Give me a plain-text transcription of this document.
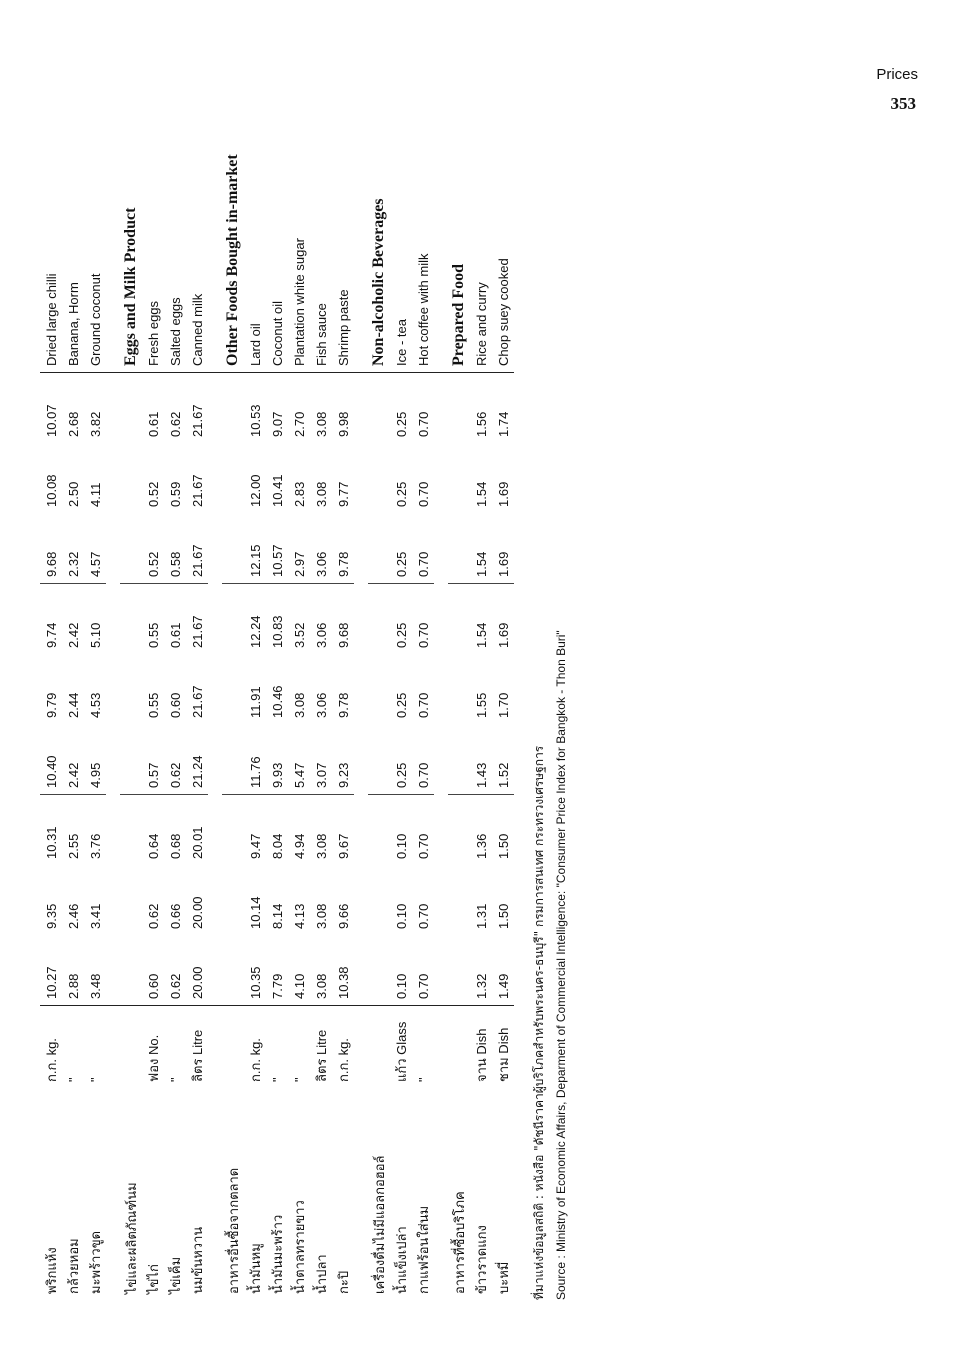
Prices
353
พริกแห้ง	ก.ก. kg.	10.27	9.35	10.31	10.40	9.79	9.74	9.68	10.08	10.07	Dried large chilli
กล้วยหอม	"	2.88	2.46	2.55	2.42	2.44	2.42	2.32	2.50	2.68	Banana, Horm
มะพร้าวขูด	"	3.48	3.41	3.76	4.95	4.53	5.10	4.57	4.11	3.82	Ground coconut

ไข่และผลิตภัณฑ์นม											Eggs and Milk Product
ไข่ไก่	ฟอง No.	0.60	0.62	0.64	0.57	0.55	0.55	0.52	0.52	0.61	Fresh eggs
ไข่เค็ม	"	0.62	0.66	0.68	0.62	0.60	0.61	0.58	0.59	0.62	Salted eggs
นมข้นหวาน	ลิตร Litre	20.00	20.00	20.01	21.24	21.67	21.67	21.67	21.67	21.67	Canned milk

อาหารอื่นซื้อจากตลาด											Other Foods Bought in-market
น้ำมันหมู	ก.ก. kg.	10.35	10.14	9.47	11.76	11.91	12.24	12.15	12.00	10.53	Lard oil
น้ำมันมะพร้าว	"	7.79	8.14	8.04	9.93	10.46	10.83	10.57	10.41	9.07	Coconut oil
น้ำตาลทรายขาว	"	4.10	4.13	4.94	5.47	3.08	3.52	2.97	2.83	2.70	Plantation white sugar
น้ำปลา	ลิตร Litre	3.08	3.08	3.08	3.07	3.06	3.06	3.06	3.08	3.08	Fish sauce
กะปิ	ก.ก. kg.	10.38	9.66	9.67	9.23	9.78	9.68	9.78	9.77	9.98	Shrimp paste

เครื่องดื่มไม่มีแอลกอฮอล์											Non-alcoholic Beverages
น้ำแข็งเปล่า	แก้ว Glass	0.10	0.10	0.10	0.25	0.25	0.25	0.25	0.25	0.25	Ice - tea
กาแฟร้อนใส่นม	"	0.70	0.70	0.70	0.70	0.70	0.70	0.70	0.70	0.70	Hot coffee with milk

อาหารที่ซื้อบริโภค											Prepared Food
ข้าวราดแกง	จาน Dish	1.32	1.31	1.36	1.43	1.55	1.54	1.54	1.54	1.56	Rice and curry
บะหมี่	ชาม Dish	1.49	1.50	1.50	1.52	1.70	1.69	1.69	1.69	1.74	Chop suey cooked
ที่มาแห่งข้อมูลสถิติ : หนังสือ "ดัชนีราคาผู้บริโภคสำหรับพระนคร-ธนบุรี" กรมการสนเทศ กระทรวงเศรษฐการ Source : Ministry of Economic Affairs, Deparment of Commercial Intelligence: "Consumer Price Index for Bangkok - Thon Buri"
